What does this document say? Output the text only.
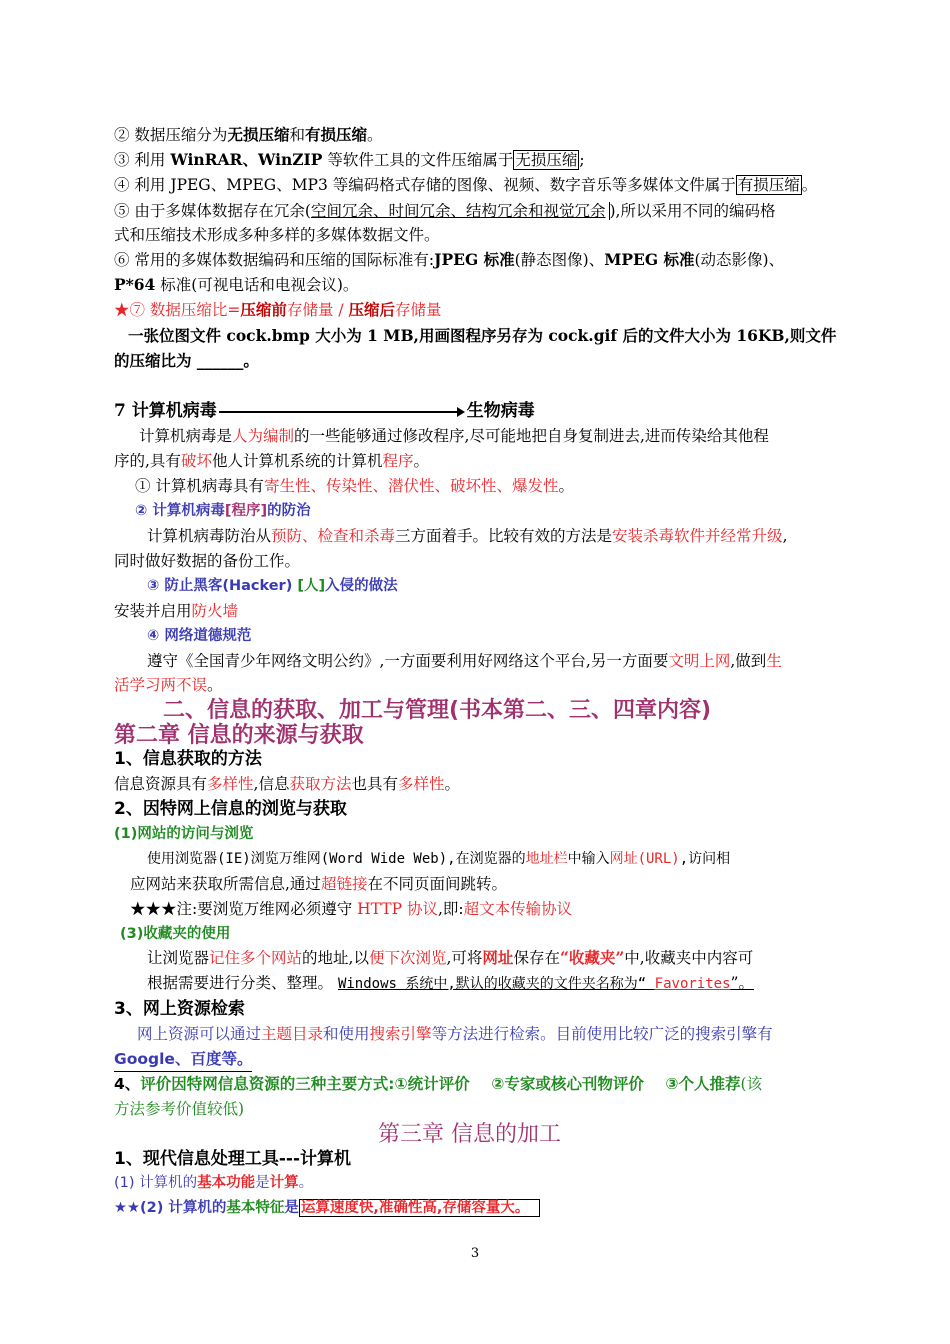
② 数据压缩分为无损压缩和有损压缩。
③ 利用 WinRAR、WinZIP 等软件工具的文件压缩属于 无损压缩 ;
④ 利用 JPEG、MPEG、MP3 等编码格式存储的图像、视频、数字音乐等多媒体文件属于 有损压缩 。
⑤ 由于多媒体数据存在冗余(空间冗余、时间冗余、结构冗余和视觉冗余 ),所以采用不同的编码格
式和压缩技术形成多种多样的多媒体数据文件。
⑥ 常用的多媒体数据编码和压缩的国际标准有:JPEG 标准(静态图像)、MPEG 标准(动态影像)、
P*64 标准(可视电话和电视会议)。
★⑦ 数据压缩比=压缩前存储量 / 压缩后存储量
一张位图文件 cock.bmp 大小为 1 MB,用画图程序另存为 cock.gif 后的文件大小为 16KB,则文件
的压缩比为 ______。
7 计算机病毒	生物病毒
计算机病毒是人为编制的一些能够通过修改程序,尽可能地把自身复制进去,进而传染给其他程
序的,具有破坏他人计算机系统的计算机程序。
① 计算机病毒具有寄生性、传染性、潜伏性、破坏性、爆发性。
② 计算机病毒[程序]的防治
计算机病毒防治从预防、检查和杀毒三方面着手。比较有效的方法是安装杀毒软件并经常升级,
同时做好数据的备份工作。
③ 防止黑客(Hacker) [人]入侵的做法
安装并启用防火墙
④ 网络道德规范
遵守《全国青少年网络文明公约》,一方面要利用好网络这个平台,另一方面要文明上网,做到生
活学习两不误。
二、信息的获取、加工与管理(书本第二、三、四章内容)
第二章 信息的来源与获取
1、信息获取的方法
信息资源具有多样性,信息获取方法也具有多样性。
2、因特网上信息的浏览与获取
(1)网站的访问与浏览
使用浏览器(IE)浏览万维网(Word Wide Web),在浏览器的地址栏中输入网址(URL),访问相
应网站来获取所需信息,通过超链接在不同页面间跳转。
★★★注:要浏览万维网必须遵守 HTTP 协议,即:超文本传输协议
(3)收藏夹的使用
让浏览器记住多个网站的地址,以便下次浏览,可将网址保存在“收藏夹”中,收藏夹中内容可
根据需要进行分类、整理。 Windows 系统中,默认的收藏夹的文件夹名称为“ Favorites”。
3、网上资源检索
网上资源可以通过主题目录和使用搜索引擎等方法进行检索。目前使用比较广泛的搜索引擎有
Google、百度等。
4、评价因特网信息资源的三种主要方式:①统计评价    ②专家或核心刊物评价    ③个人推荐(该
方法参考价值较低)
第三章 信息的加工
1、现代信息处理工具---计算机
(1) 计算机的基本功能是计算。
★★(2) 计算机的基本特征是 运算速度快,准确性高,存储容量大。
3
